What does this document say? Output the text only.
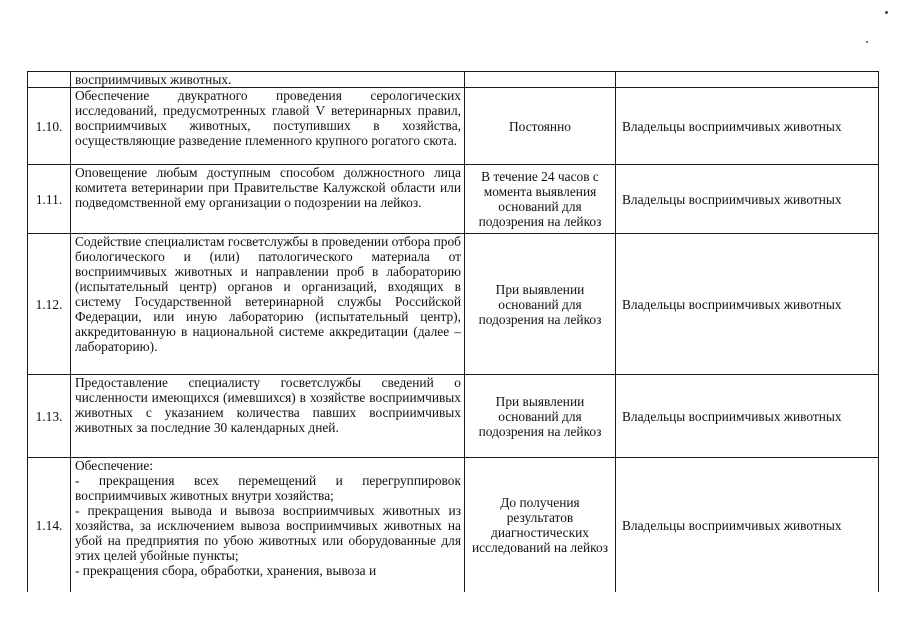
	восприимчивых животных.		

1.10.	Обеспечение двукратного проведения серологических исследований, предусмотренных главой V ветеринарных правил, восприимчивых животных, поступивших в хозяйства, осуществляющие разведение племенного крупного рогатого скота.	Постоянно	Владельцы восприимчивых животных
1.11.	Оповещение любым доступным способом должностного лица комитета ветеринарии при Правительстве Калужской области или подведомственной ему организации о подозрении на лейкоз.	В течение 24 часов с момента выявления оснований для подозрения на лейкоз	Владельцы восприимчивых животных
1.12.	Содействие специалистам госветслужбы в проведении отбора проб биологического и (или) патологического материала от восприимчивых животных и направлении проб в лабораторию (испытательный центр) органов и организаций, входящих в систему Государственной ветеринарной службы Российской Федерации, или иную лабораторию (испытательный центр), аккредитованную в национальной системе аккредитации (далее – лабораторию).	При выявлении оснований для подозрения на лейкоз	Владельцы восприимчивых животных
1.13.	Предоставление специалисту госветслужбы сведений о численности имеющихся (имевшихся) в хозяйстве восприимчивых животных с указанием количества павших восприимчивых животных за последние 30 календарных дней.	При выявлении оснований для подозрения на лейкоз	Владельцы восприимчивых животных
1.14.	Обеспечение:
- прекращения всех перемещений и перегруппировок восприимчивых животных внутри хозяйства;
- прекращения вывода и вывоза восприимчивых животных из хозяйства, за исключением вывоза восприимчивых животных на убой на предприятия по убою животных или оборудованные для этих целей убойные пункты;
- прекращения сбора, обработки, хранения, вывоза и	До получения результатов диагностических исследований на лейкоз	Владельцы восприимчивых животных
